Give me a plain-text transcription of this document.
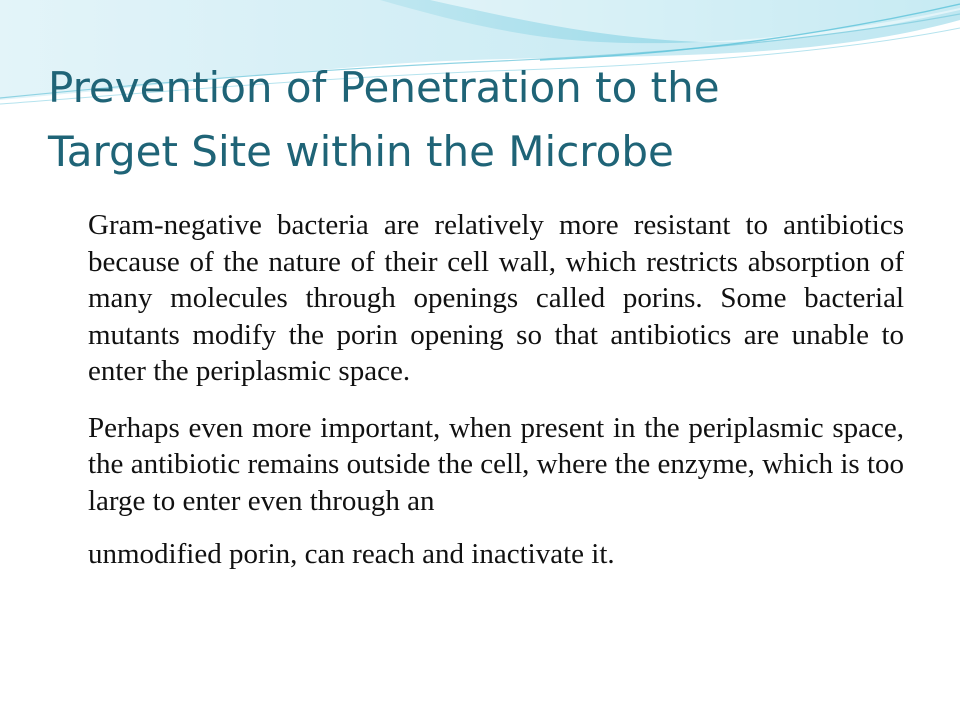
Prevention of Penetration to the
Target Site within the Microbe

Gram-negative bacteria are relatively more resistant to antibiotics because of the nature of their cell wall, which restricts absorption of many molecules through openings called porins. Some bacterial mutants modify the porin opening so that antibiotics are unable to enter the periplasmic space.

Perhaps even more important, when present in the periplasmic space, the antibiotic remains outside the cell, where the enzyme, which is too large to enter even through an

unmodified porin, can reach and inactivate it.
